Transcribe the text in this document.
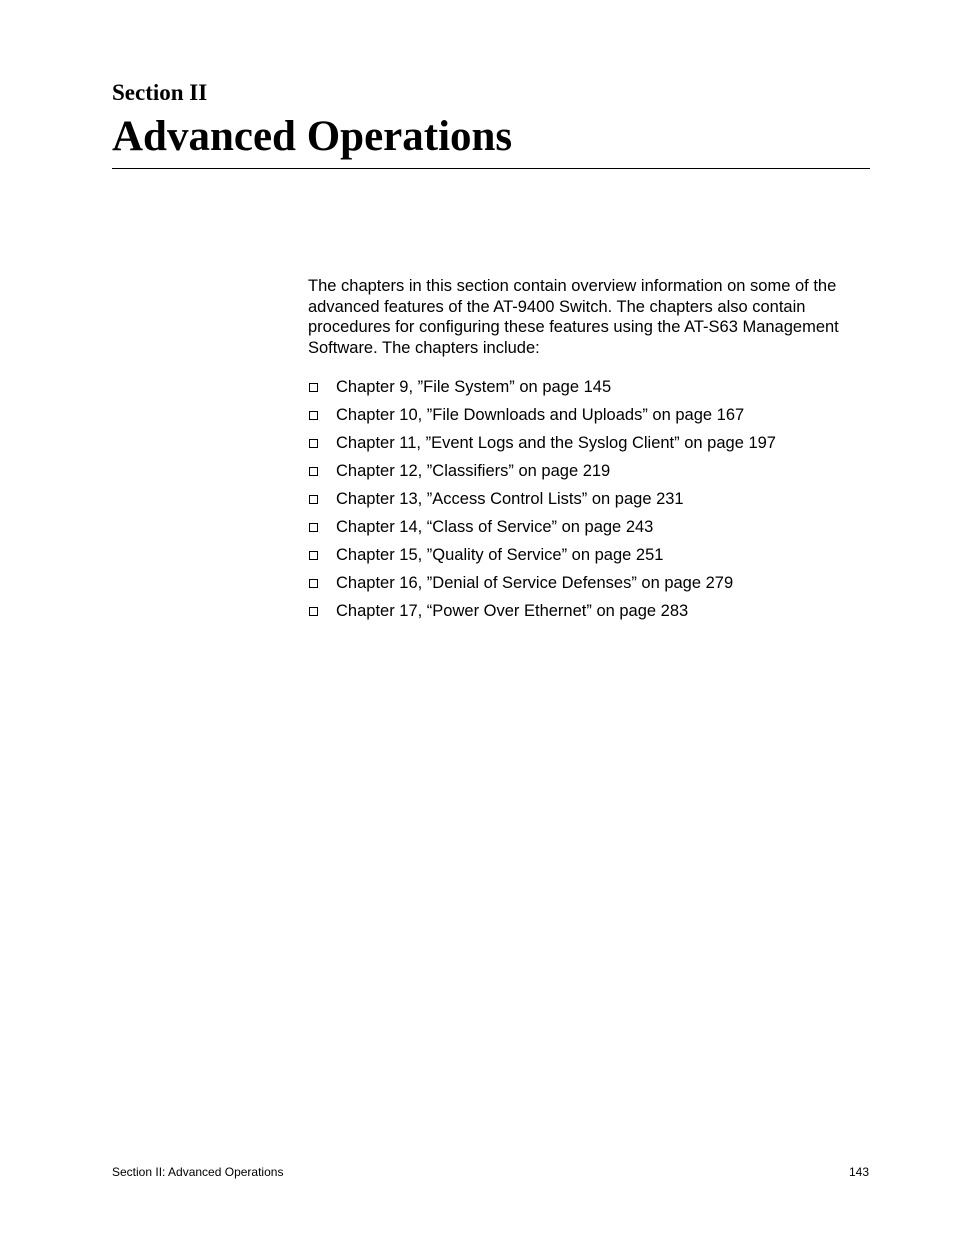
Section II
Advanced Operations

The chapters in this section contain overview information on some of the advanced features of the AT-9400 Switch. The chapters also contain procedures for configuring these features using the AT-S63 Management Software. The chapters include:

Chapter 9, ”File System” on page 145
Chapter 10, ”File Downloads and Uploads” on page 167
Chapter 11, ”Event Logs and the Syslog Client” on page 197
Chapter 12, ”Classifiers” on page 219
Chapter 13, ”Access Control Lists” on page 231
Chapter 14, “Class of Service” on page 243
Chapter 15, ”Quality of Service” on page 251
Chapter 16, ”Denial of Service Defenses” on page 279
Chapter 17, “Power Over Ethernet” on page 283
Section II: Advanced Operations	143
